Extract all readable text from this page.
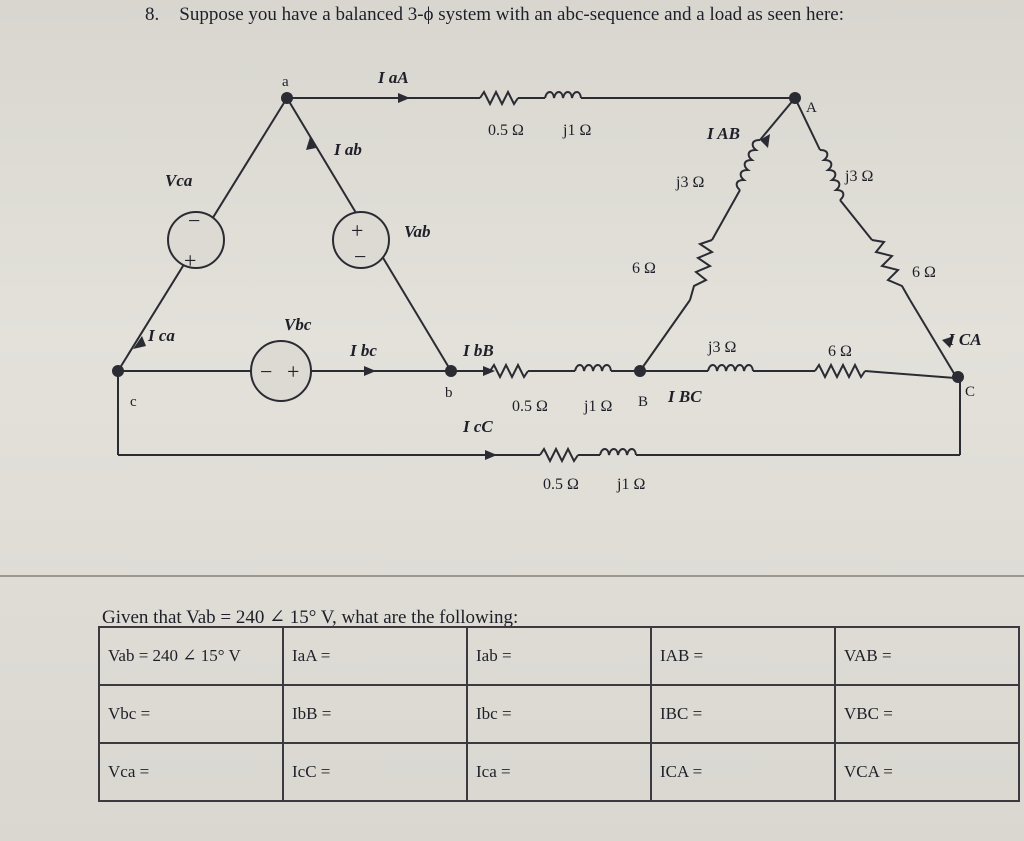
8. Suppose you have a balanced 3-ϕ system with an abc-sequence and a load as seen here:
−
+
+
−
− +
a
c
b
A
B
C
Vca
Vab
Vbc
I aA
I ab
I ca
I bc	I bB
I cC
I AB
I BC
I CA
0.5 Ω j1 Ω
0.5 Ω j1 Ω
0.5 Ω j1 Ω
j3 Ω
6 Ω
j3 Ω
6 Ω
j3 Ω	6 Ω
Given that Vab = 240 ∠ 15° V, what are the following:
Vab = 240 ∠ 15° V	IaA =	Iab =	IAB =	VAB =
Vbc =	IbB =	Ibc =	IBC =	VBC =
Vca =	IcC =	Ica =	ICA =	VCA =
